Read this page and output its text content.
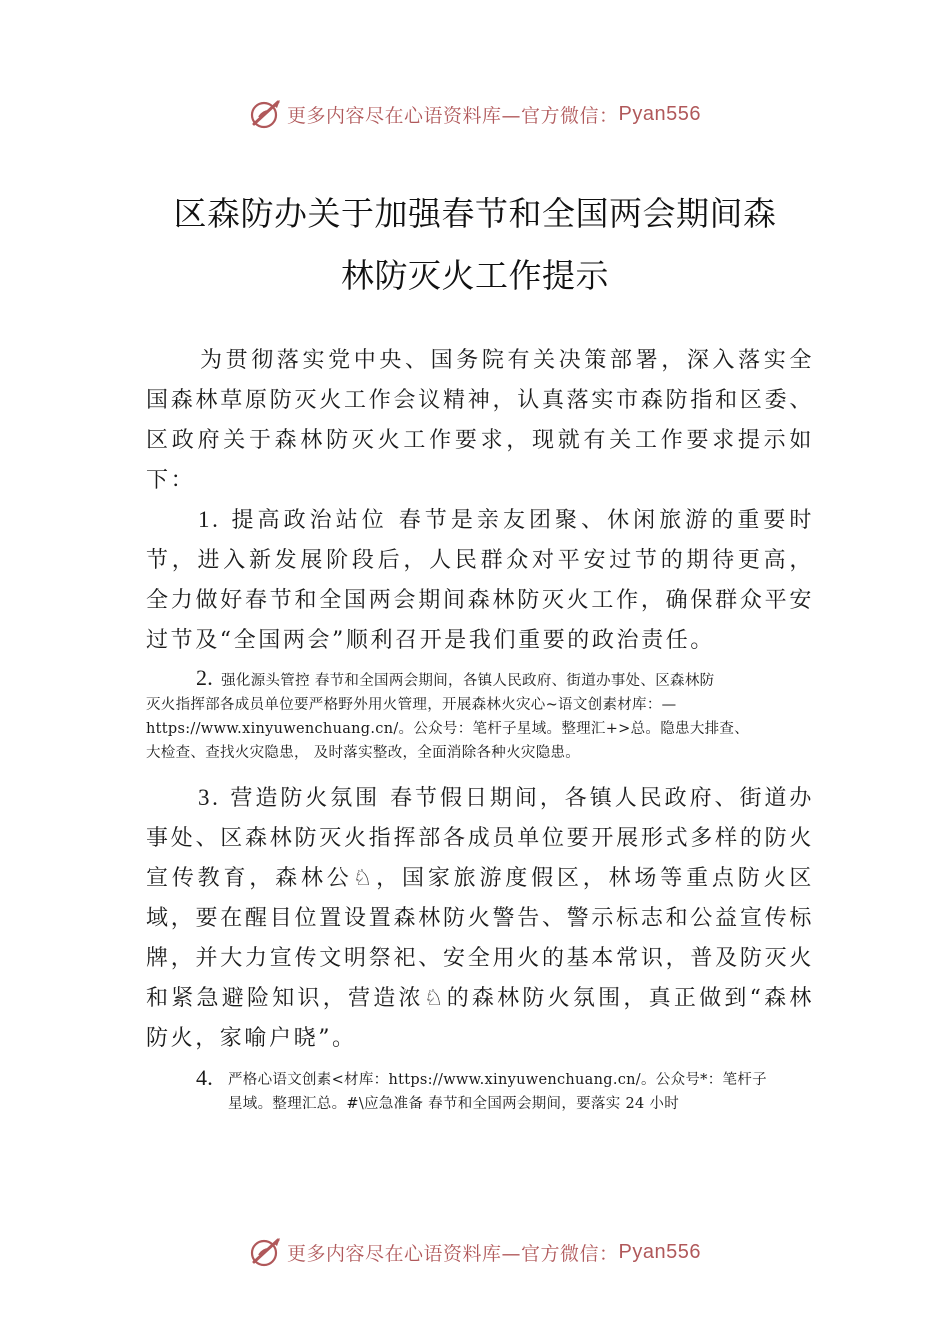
更多内容尽在心语资料库—官方微信： Pyan556
区森防办关于加强春节和全国两会期间森
林防灭火工作提示

为贯彻落实党中央、国务院有关决策部署，深入落实全国森林草原防灭火工作会议精神，认真落实市森防指和区委、区政府关于森林防灭火工作要求，现就有关工作要求提示如下：

1. 提高政治站位 春节是亲友团聚、休闲旅游的重要时节，进入新发展阶段后，人民群众对平安过节的期待更高， 全力做好春节和全国两会期间森林防灭火工作，确保群众平安过节及“全国两会”顺利召开是我们重要的政治责任。

2. 强化源头管控 春节和全国两会期间，各镇人民政府、街道办事处、区森林防
灭火指挥部各成员单位要严格野外用火管理，开展森林火灾心~语文创素材库：—
https://www.xinyuwenchuang.cn/。公众号：笔杆子星域。整理汇+>总。隐患大排查、
大检查、查找火灾隐患， 及时落实整改，全面消除各种火灾隐患。

3. 营造防火氛围 春节假日期间，各镇人民政府、街道办事处、区森林防灭火指挥部各成员单位要开展形式多样的防火宣传教育，森林公♘，国家旅游度假区，林场等重点防火区域，要在醒目位置设置森林防火警告、警示标志和公益宣传标牌，并大力宣传文明祭祀、安全用火的基本常识，普及防灭火和紧急避险知识，营造浓♘的森林防火氛围，真正做到“森林防火，家喻户晓”。

4.	严格心语文创素<材库：https://www.xinyuwenchuang.cn/。公众号*：笔杆子
星域。整理汇总。#\应急准备 春节和全国两会期间，要落实 24 小时
更多内容尽在心语资料库—官方微信： Pyan556
